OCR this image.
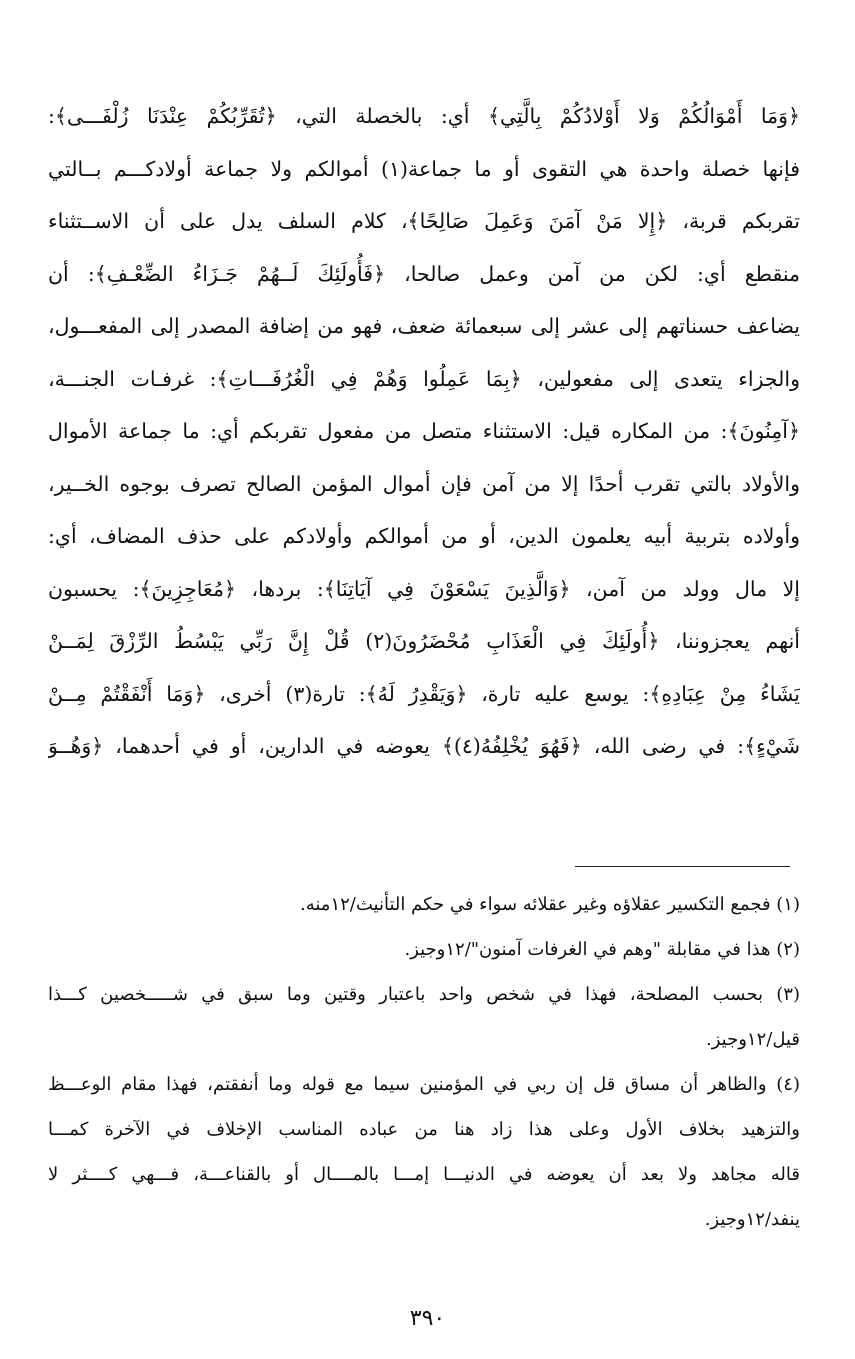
﴿وَمَا أَمْوَالُكُمْ وَلا أَوْلادُكُمْ بِالَّتِي﴾ أي: بالخصلة التي، ﴿تُقَرِّبُكُمْ عِنْدَنَا زُلْفَـــى﴾:
فإنها خصلة واحدة هي التقوى أو ما جماعة(١) أموالكم ولا جماعة أولادكـــم بــالتي
تقربكم قربة، ﴿إِلا مَنْ آمَنَ وَعَمِلَ صَالِحًا﴾، كلام السلف يدل على أن الاســتثناء
منقطع أي: لكن من آمن وعمل صالحا، ﴿فَأُولَئِكَ لَــهُمْ جَـزَاءُ الضِّعْـفِ﴾: أن
يضاعف حسناتهم إلى عشر إلى سبعمائة ضعف، فهو من إضافة المصدر إلى المفعـــول،
والجزاء يتعدى إلى مفعولين، ﴿بِمَا عَمِلُوا وَهُمْ فِي الْغُرُفَـــاتِ﴾: غرفـات الجنـــة،
﴿آمِنُونَ﴾: من المكاره قيل: الاستثناء متصل من مفعول تقربكم أي: ما جماعة الأموال
والأولاد بالتي تقرب أحدًا إلا من آمن فإن أموال المؤمن الصالح تصرف بوجوه الخــير،
وأولاده بتربية أبيه يعلمون الدين، أو من أموالكم وأولادكم على حذف المضاف، أي:
إلا مال وولد من آمن، ﴿وَالَّذِينَ يَسْعَوْنَ فِي آيَاتِنَا﴾: بردها، ﴿مُعَاجِزِينَ﴾: يحسبون
أنهم يعجزوننا، ﴿أُولَئِكَ فِي الْعَذَابِ مُحْضَرُونَ(٢) قُلْ إِنَّ رَبِّي يَبْسُطُ الرِّزْقَ لِمَــنْ
يَشَاءُ مِنْ عِبَادِهِ﴾: يوسع عليه تارة، ﴿وَيَقْدِرُ لَهُ﴾: تارة(٣) أخرى، ﴿وَمَا أَنْفَقْتُمْ مِــنْ
شَيْءٍ﴾: في رضى الله، ﴿فَهُوَ يُخْلِفُهُ(٤)﴾ يعوضه في الدارين، أو في أحدهما، ﴿وَهُــوَ
(١) فجمع التكسير عقلاؤه وغير عقلائه سواء في حكم التأنيث/١٢منه.
(٢) هذا في مقابلة "وهم في الغرفات آمنون"/١٢وجيز.
(٣) بحسب المصلحة، فهذا في شخص واحد باعتبار وقتين وما سبق في شـــــخصين كـــذا
قيل/١٢وجيز.
(٤) والظاهر أن مساق قل إن ربي في المؤمنين سيما مع قوله وما أنفقتم، فهذا مقام الوعـــظ
والتزهيد بخلاف الأول وعلى هذا زاد هنا من عباده المناسب الإخلاف في الآخرة كمـــا
قاله مجاهد ولا بعد أن يعوضه في الدنيـــا إمـــا بالمــــال أو بالقناعـــة، فـــهي كــــثر لا
ينفد/١٢وجيز.
٣٩٠
